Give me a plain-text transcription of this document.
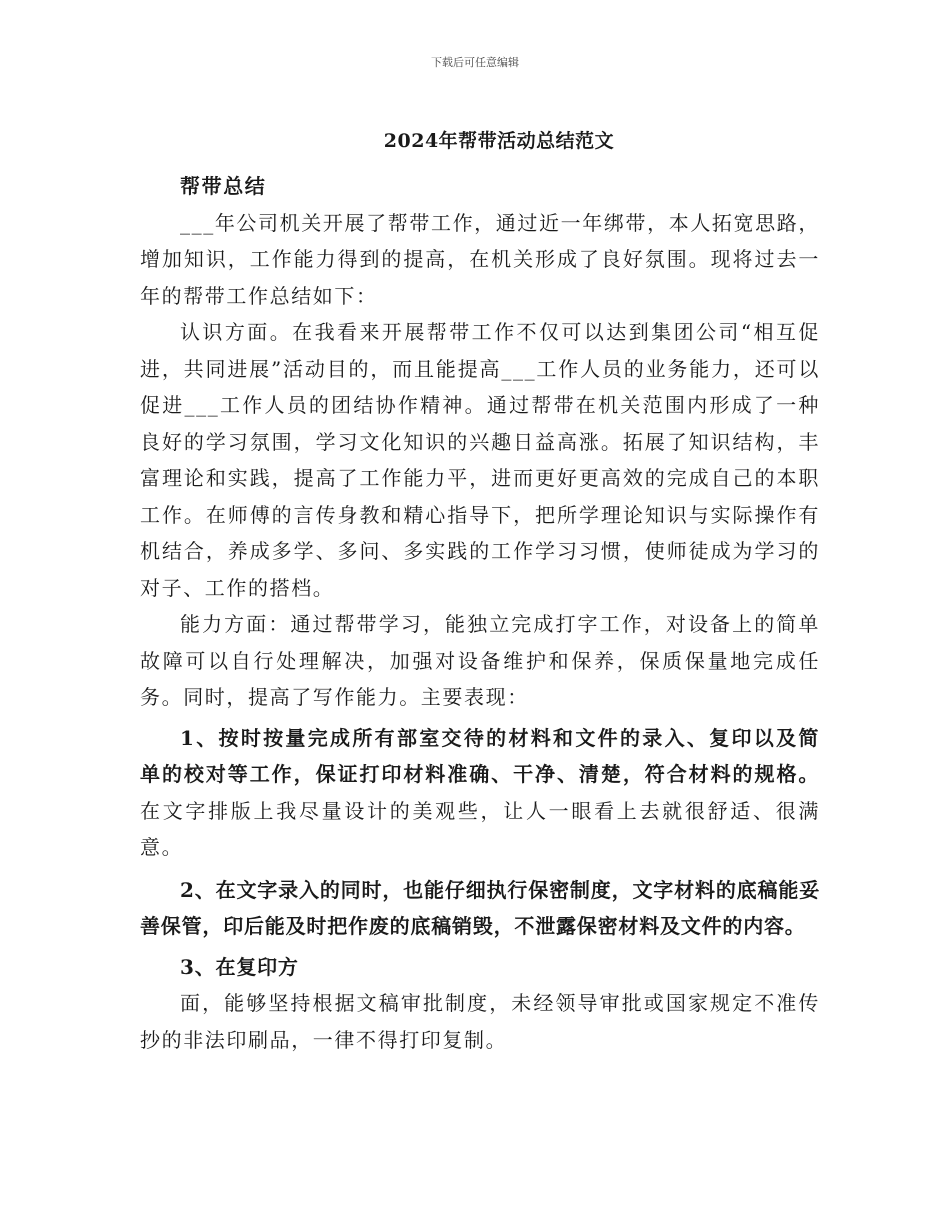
下载后可任意编辑
2024年帮带活动总结范文

帮带总结

___年公司机关开展了帮带工作，通过近一年绑带，本人拓宽思路，增加知识，工作能力得到的提高，在机关形成了良好氛围。现将过去一年的帮带工作总结如下：

认识方面。在我看来开展帮带工作不仅可以达到集团公司“相互促进，共同进展”活动目的，而且能提高___工作人员的业务能力，还可以促进___工作人员的团结协作精神。通过帮带在机关范围内形成了一种良好的学习氛围，学习文化知识的兴趣日益高涨。拓展了知识结构，丰富理论和实践，提高了工作能力平，进而更好更高效的完成自己的本职工作。在师傅的言传身教和精心指导下，把所学理论知识与实际操作有机结合，养成多学、多问、多实践的工作学习习惯，使师徒成为学习的对子、工作的搭档。

能力方面：通过帮带学习，能独立完成打字工作，对设备上的简单故障可以自行处理解决，加强对设备维护和保养，保质保量地完成任务。同时，提高了写作能力。主要表现：

1、按时按量完成所有部室交待的材料和文件的录入、复印以及简单的校对等工作，保证打印材料准确、干净、清楚，符合材料的规格。在文字排版上我尽量设计的美观些，让人一眼看上去就很舒适、很满意。

2、在文字录入的同时，也能仔细执行保密制度，文字材料的底稿能妥善保管，印后能及时把作废的底稿销毁，不泄露保密材料及文件的内容。

3、在复印方

面，能够坚持根据文稿审批制度，未经领导审批或国家规定不准传抄的非法印刷品，一律不得打印复制。
